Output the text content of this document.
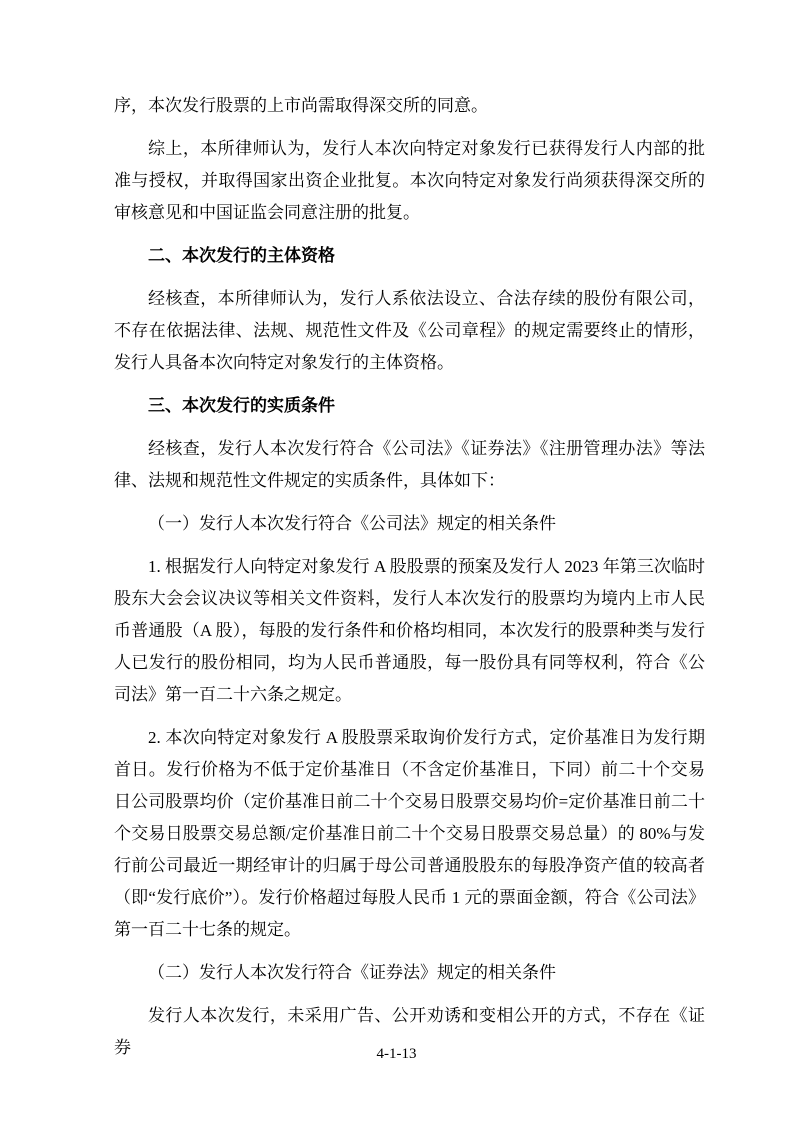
序，本次发行股票的上市尚需取得深交所的同意。

综上，本所律师认为，发行人本次向特定对象发行已获得发行人内部的批准与授权，并取得国家出资企业批复。本次向特定对象发行尚须获得深交所的审核意见和中国证监会同意注册的批复。

二、本次发行的主体资格

经核查，本所律师认为，发行人系依法设立、合法存续的股份有限公司，不存在依据法律、法规、规范性文件及《公司章程》的规定需要终止的情形，发行人具备本次向特定对象发行的主体资格。

三、本次发行的实质条件

经核查，发行人本次发行符合《公司法》《证券法》《注册管理办法》等法律、法规和规范性文件规定的实质条件，具体如下：

（一）发行人本次发行符合《公司法》规定的相关条件

1. 根据发行人向特定对象发行 A 股股票的预案及发行人 2023 年第三次临时股东大会会议决议等相关文件资料，发行人本次发行的股票均为境内上市人民币普通股（A 股），每股的发行条件和价格均相同，本次发行的股票种类与发行人已发行的股份相同，均为人民币普通股，每一股份具有同等权利，符合《公司法》第一百二十六条之规定。

2. 本次向特定对象发行 A 股股票采取询价发行方式，定价基准日为发行期首日。发行价格为不低于定价基准日（不含定价基准日，下同）前二十个交易日公司股票均价（定价基准日前二十个交易日股票交易均价=定价基准日前二十个交易日股票交易总额/定价基准日前二十个交易日股票交易总量）的 80%与发行前公司最近一期经审计的归属于母公司普通股股东的每股净资产值的较高者（即“发行底价”）。发行价格超过每股人民币 1 元的票面金额，符合《公司法》第一百二十七条的规定。

（二）发行人本次发行符合《证券法》规定的相关条件

发行人本次发行，未采用广告、公开劝诱和变相公开的方式，不存在《证券	4-1-13
